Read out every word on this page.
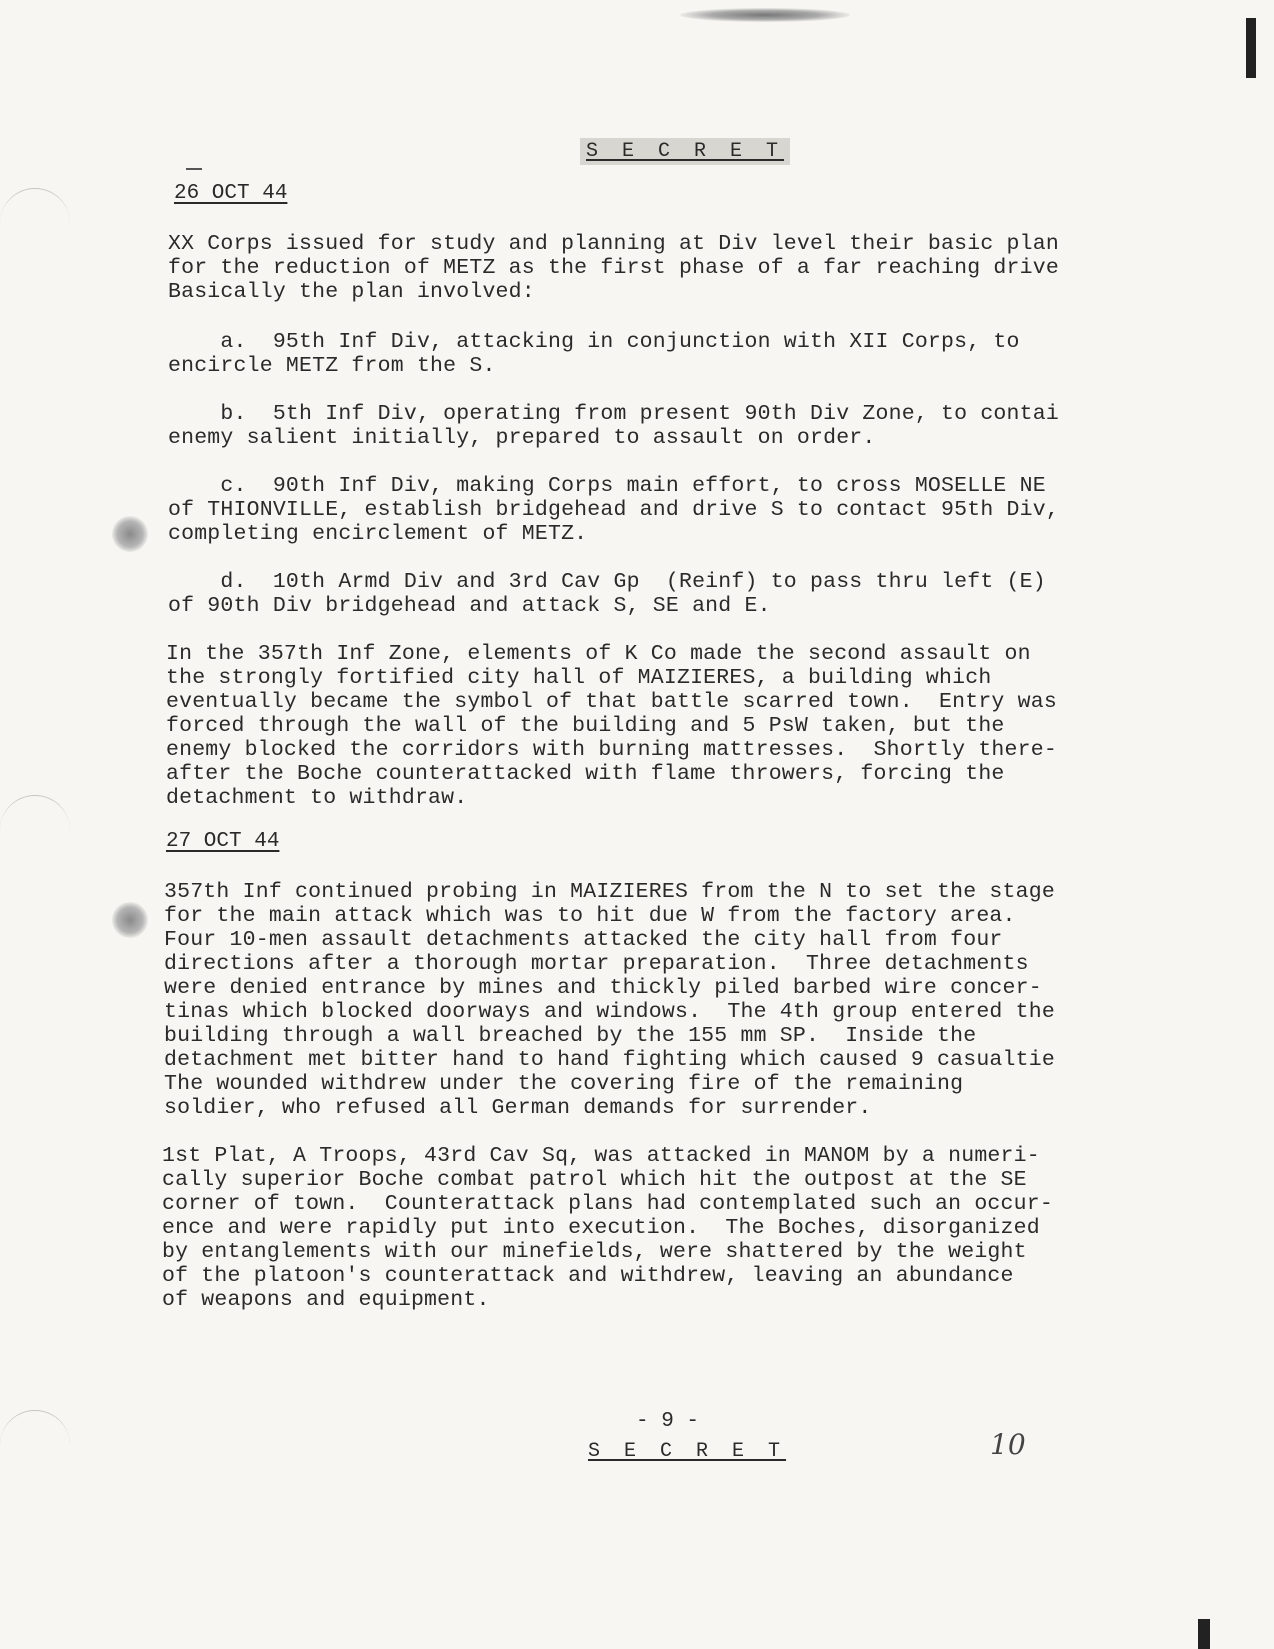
S E C R E T
26 OCT 44
XX Corps issued for study and planning at Div level their basic plan
for the reduction of METZ as the first phase of a far reaching drive
Basically the plan involved:
a.  95th Inf Div, attacking in conjunction with XII Corps, to
encircle METZ from the S.
b.  5th Inf Div, operating from present 90th Div Zone, to contai
enemy salient initially, prepared to assault on order.
c.  90th Inf Div, making Corps main effort, to cross MOSELLE NE
of THIONVILLE, establish bridgehead and drive S to contact 95th Div,
completing encirclement of METZ.
d.  10th Armd Div and 3rd Cav Gp  (Reinf) to pass thru left (E)
of 90th Div bridgehead and attack S, SE and E.
In the 357th Inf Zone, elements of K Co made the second assault on
the strongly fortified city hall of MAIZIERES, a building which
eventually became the symbol of that battle scarred town.  Entry was
forced through the wall of the building and 5 PsW taken, but the
enemy blocked the corridors with burning mattresses.  Shortly there-
after the Boche counterattacked with flame throwers, forcing the
detachment to withdraw.
27 OCT 44
357th Inf continued probing in MAIZIERES from the N to set the stage
for the main attack which was to hit due W from the factory area.
Four 10-men assault detachments attacked the city hall from four
directions after a thorough mortar preparation.  Three detachments
were denied entrance by mines and thickly piled barbed wire concer-
tinas which blocked doorways and windows.  The 4th group entered the
building through a wall breached by the 155 mm SP.  Inside the
detachment met bitter hand to hand fighting which caused 9 casualtie
The wounded withdrew under the covering fire of the remaining
soldier, who refused all German demands for surrender.
1st Plat, A Troops, 43rd Cav Sq, was attacked in MANOM by a numeri-
cally superior Boche combat patrol which hit the outpost at the SE
corner of town.  Counterattack plans had contemplated such an occur-
ence and were rapidly put into execution.  The Boches, disorganized
by entanglements with our minefields, were shattered by the weight
of the platoon's counterattack and withdrew, leaving an abundance
of weapons and equipment.
- 9 -
S E C R E T	10
